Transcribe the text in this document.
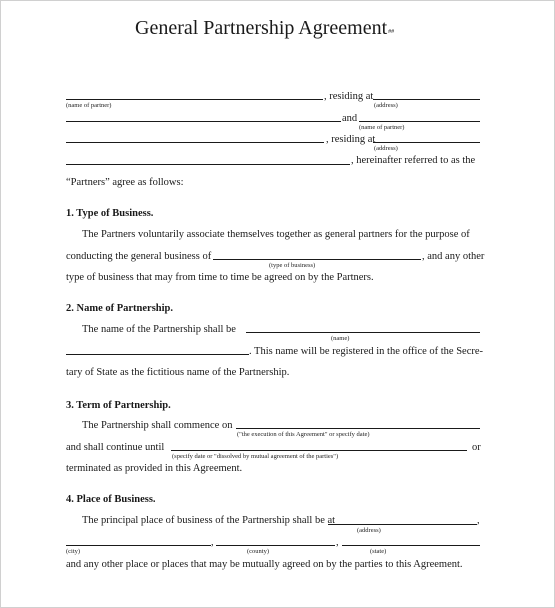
General Partnership Agreement##
, residing at
(name of partner)	(address)
and
(name of partner)
, residing at
(address)
, hereinafter referred to as the
“Partners” agree as follows:
1. Type of Business.
The Partners voluntarily associate themselves together as general partners for the purpose of
conducting the general business of	, and any other
(type of business)
type of business that may from time to time be agreed on by the Partners.
2. Name of Partnership.
The name of the Partnership shall be
(name)
. This name will be registered in the office of the Secre-
tary of State as the fictitious name of the Partnership.
3. Term of Partnership.
The Partnership shall commence on
("the execution of this Agreement" or specify date)
and shall continue until	or
(specify date or "dissolved by mutual agreement of the parties")
terminated as provided in this Agreement.
4. Place of Business.
The principal place of business of the Partnership shall be at	,
(address)
,	,
(city)	(county)	(state)
and any other place or places that may be mutually agreed on by the parties to this Agreement.
